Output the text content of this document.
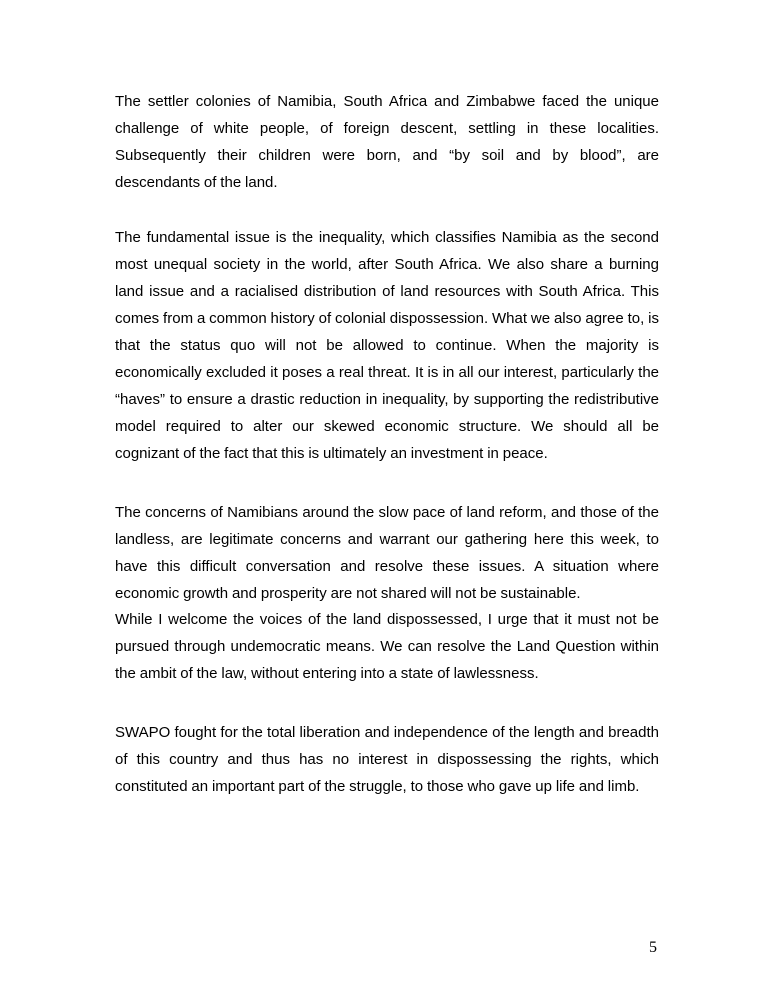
The settler colonies of Namibia, South Africa and Zimbabwe faced the unique challenge of white people, of foreign descent, settling in these localities. Subsequently their children were born, and “by soil and by blood”, are descendants of the land.

The fundamental issue is the inequality, which classifies Namibia as the second most unequal society in the world, after South Africa. We also share a burning land issue and a racialised distribution of land resources with South Africa. This comes from a common history of colonial dispossession. What we also agree to, is that the status quo will not be allowed to continue. When the majority is economically excluded it poses a real threat. It is in all our interest, particularly the “haves” to ensure a drastic reduction in inequality, by supporting the redistributive model required to alter our skewed economic structure. We should all be cognizant of the fact that this is ultimately an investment in peace.

The concerns of Namibians around the slow pace of land reform, and those of the landless, are legitimate concerns and warrant our gathering here this week, to have this difficult conversation and resolve these issues. A situation where economic growth and prosperity are not shared will not be sustainable.

While I welcome the voices of the land dispossessed, I urge that it must not be pursued through undemocratic means. We can resolve the Land Question within the ambit of the law, without entering into a state of lawlessness.

SWAPO fought for the total liberation and independence of the length and breadth of this country and thus has no interest in dispossessing the rights, which constituted an important part of the struggle, to those who gave up life and limb.

5
